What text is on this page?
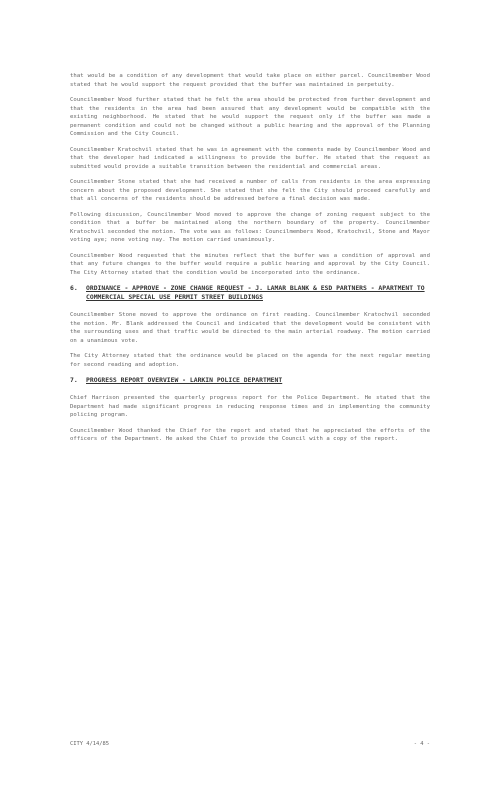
that would be a condition of any development that would take place on either parcel. Councilmember Wood stated that he would support the request provided that the buffer was maintained in perpetuity.

Councilmember Wood further stated that he felt the area should be protected from further development and that the residents in the area had been assured that any development would be compatible with the existing neighborhood. He stated that he would support the request only if the buffer was made a permanent condition and could not be changed without a public hearing and the approval of the Planning Commission and the City Council.

Councilmember Kratochvil stated that he was in agreement with the comments made by Councilmember Wood and that the developer had indicated a willingness to provide the buffer. He stated that the request as submitted would provide a suitable transition between the residential and commercial areas.

Councilmember Stone stated that she had received a number of calls from residents in the area expressing concern about the proposed development. She stated that she felt the City should proceed carefully and that all concerns of the residents should be addressed before a final decision was made.

Following discussion, Councilmember Wood moved to approve the change of zoning request subject to the condition that a buffer be maintained along the northern boundary of the property. Councilmember Kratochvil seconded the motion. The vote was as follows: Councilmembers Wood, Kratochvil, Stone and Mayor voting aye; none voting nay. The motion carried unanimously.

Councilmember Wood requested that the minutes reflect that the buffer was a condition of approval and that any future changes to the buffer would require a public hearing and approval by the City Council. The City Attorney stated that the condition would be incorporated into the ordinance.

6.	ORDINANCE - APPROVE - ZONE CHANGE REQUEST - J. LAMAR BLANK & ESD PARTNERS - APARTMENT TO COMMERCIAL SPECIAL USE PERMIT STREET BUILDINGS

Councilmember Stone moved to approve the ordinance on first reading. Councilmember Kratochvil seconded the motion. Mr. Blank addressed the Council and indicated that the development would be consistent with the surrounding uses and that traffic would be directed to the main arterial roadway. The motion carried on a unanimous vote.

The City Attorney stated that the ordinance would be placed on the agenda for the next regular meeting for second reading and adoption.

7.	PROGRESS REPORT OVERVIEW - LARKIN POLICE DEPARTMENT

Chief Harrison presented the quarterly progress report for the Police Department. He stated that the Department had made significant progress in reducing response times and in implementing the community policing program.

Councilmember Wood thanked the Chief for the report and stated that he appreciated the efforts of the officers of the Department. He asked the Chief to provide the Council with a copy of the report.

CITY 4/14/85	- 4 -
